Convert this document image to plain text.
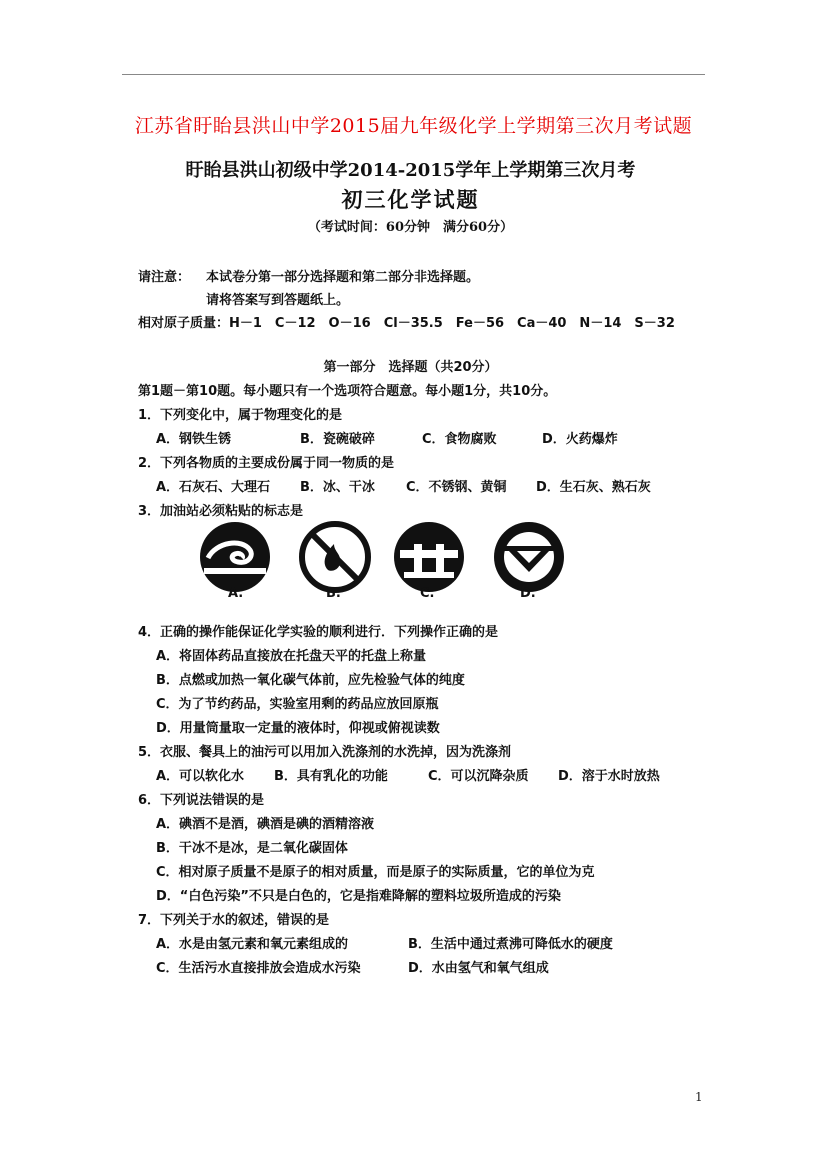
江苏省盱眙县洪山中学2015届九年级化学上学期第三次月考试题
盱眙县洪山初级中学2014-2015学年上学期第三次月考
初三化学试题
（考试时间：60分钟　满分60分）
请注意： 本试卷分第一部分选择题和第二部分非选择题。
请将答案写到答题纸上。
相对原子质量：H－1　C－12　O－16　Cl－35.5　Fe－56　Ca－40　N－14　S－32
第一部分　选择题（共20分）
第1题－第10题。每小题只有一个选项符合题意。每小题1分，共10分。
1．下列变化中，属于物理变化的是
A．钢铁生锈	B．瓷碗破碎	C．食物腐败	D．火药爆炸
2．下列各物质的主要成份属于同一物质的是
A．石灰石、大理石 B．冰、干冰 C．不锈钢、黄铜 D．生石灰、熟石灰
3．加油站必须粘贴的标志是
A.	B.	C.	D.
4．正确的操作能保证化学实验的顺利进行．下列操作正确的是
A．将固体药品直接放在托盘天平的托盘上称量
B．点燃或加热一氧化碳气体前，应先检验气体的纯度
C．为了节约药品，实验室用剩的药品应放回原瓶
D．用量筒量取一定量的液体时，仰视或俯视读数
5．衣服、餐具上的油污可以用加入洗涤剂的水洗掉，因为洗涤剂
A．可以软化水 B．具有乳化的功能	C．可以沉降杂质 D．溶于水时放热
6．下列说法错误的是
A．碘酒不是酒，碘酒是碘的酒精溶液
B．干冰不是冰，是二氧化碳固体
C．相对原子质量不是原子的相对质量，而是原子的实际质量，它的单位为克
D．“白色污染”不只是白色的，它是指难降解的塑料垃圾所造成的污染
7．下列关于水的叙述，错误的是
A．水是由氢元素和氧元素组成的	B．生活中通过煮沸可降低水的硬度
C．生活污水直接排放会造成水污染	D．水由氢气和氧气组成
1
